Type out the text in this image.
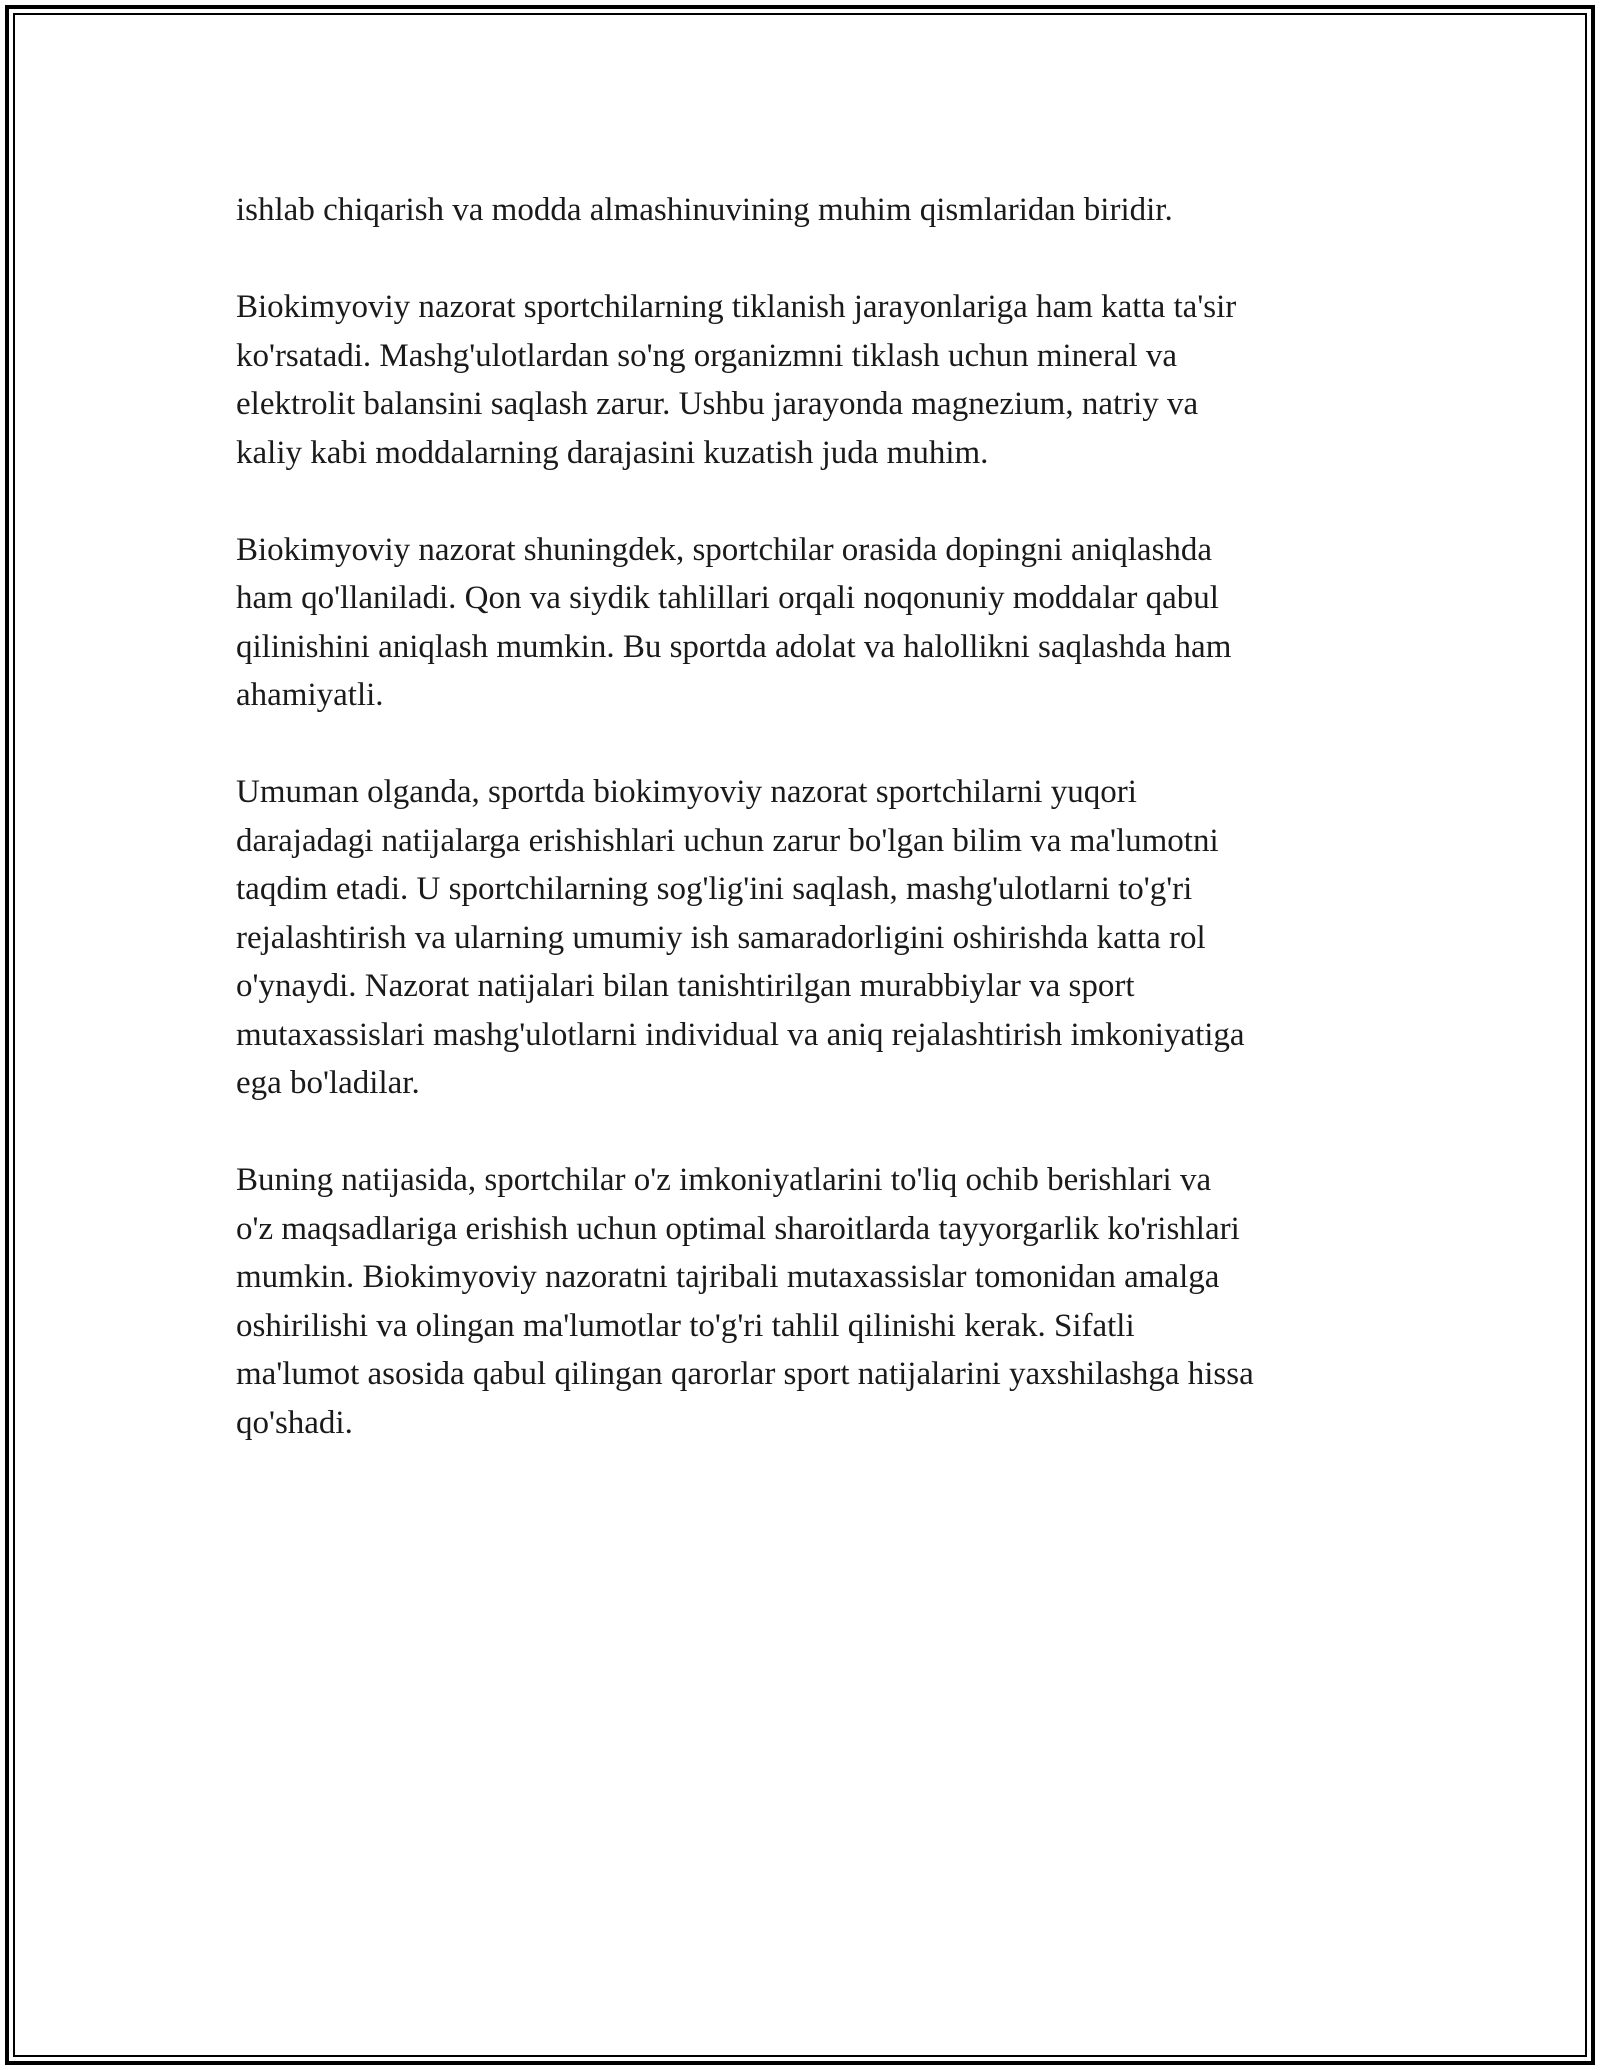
ishlab chiqarish va modda almashinuvining muhim qismlaridan biridir.

Biokimyoviy nazorat sportchilarning tiklanish jarayonlariga ham katta ta'sir
ko'rsatadi. Mashg'ulotlardan so'ng organizmni tiklash uchun mineral va
elektrolit balansini saqlash zarur. Ushbu jarayonda magnezium, natriy va
kaliy kabi moddalarning darajasini kuzatish juda muhim.

Biokimyoviy nazorat shuningdek, sportchilar orasida dopingni aniqlashda
ham qo'llaniladi. Qon va siydik tahlillari orqali noqonuniy moddalar qabul
qilinishini aniqlash mumkin. Bu sportda adolat va halollikni saqlashda ham
ahamiyatli.

Umuman olganda, sportda biokimyoviy nazorat sportchilarni yuqori
darajadagi natijalarga erishishlari uchun zarur bo'lgan bilim va ma'lumotni
taqdim etadi. U sportchilarning sog'lig'ini saqlash, mashg'ulotlarni to'g'ri
rejalashtirish va ularning umumiy ish samaradorligini oshirishda katta rol
o'ynaydi. Nazorat natijalari bilan tanishtirilgan murabbiylar va sport
mutaxassislari mashg'ulotlarni individual va aniq rejalashtirish imkoniyatiga
ega bo'ladilar.

Buning natijasida, sportchilar o'z imkoniyatlarini to'liq ochib berishlari va
o'z maqsadlariga erishish uchun optimal sharoitlarda tayyorgarlik ko'rishlari
mumkin. Biokimyoviy nazoratni tajribali mutaxassislar tomonidan amalga
oshirilishi va olingan ma'lumotlar to'g'ri tahlil qilinishi kerak. Sifatli
ma'lumot asosida qabul qilingan qarorlar sport natijalarini yaxshilashga hissa
qo'shadi.
